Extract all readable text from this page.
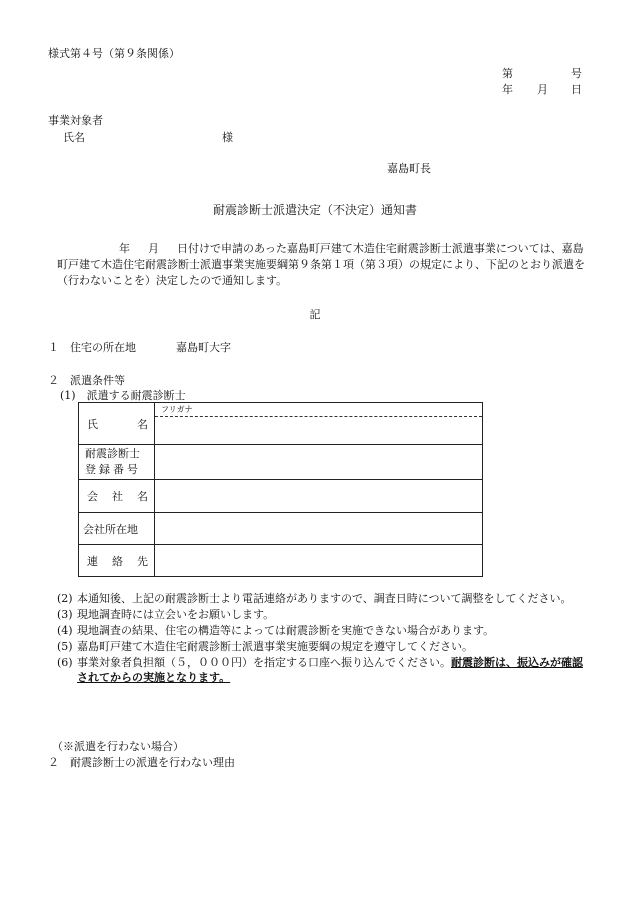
様式第４号（第９条関係）
第	号
年 月 日
事業対象者
氏名	様
嘉島町長
耐震診断士派遣決定（不決定）通知書
年 月 日付けで申請のあった嘉島町戸建て木造住宅耐震診断士派遣事業については、嘉島町戸建て木造住宅耐震診断士派遣事業実施要綱第９条第１項（第３項）の規定により、下記のとおり派遣を（行わないことを）決定したので通知します。
記
１　住宅の所在地	嘉島町大字
２　派遣条件等
(1)　派遣する耐震診断士
氏 名	フリガナ

耐震診断士
登録番号	

会 社 名	

会社所在地	

連 絡 先	

(2) 本通知後、上記の耐震診断士より電話連絡がありますので、調査日時について調整をしてください。
(3) 現地調査時には立会いをお願いします。
(4) 現地調査の結果、住宅の構造等によっては耐震診断を実施できない場合があります。
(5) 嘉島町戸建て木造住宅耐震診断士派遣事業実施要綱の規定を遵守してください。
(6) 事業対象者負担額（５，０００円）を指定する口座へ振り込んでください。耐震診断は、振込みが確認されてからの実施となります。
（※派遣を行わない場合）
２　耐震診断士の派遣を行わない理由
